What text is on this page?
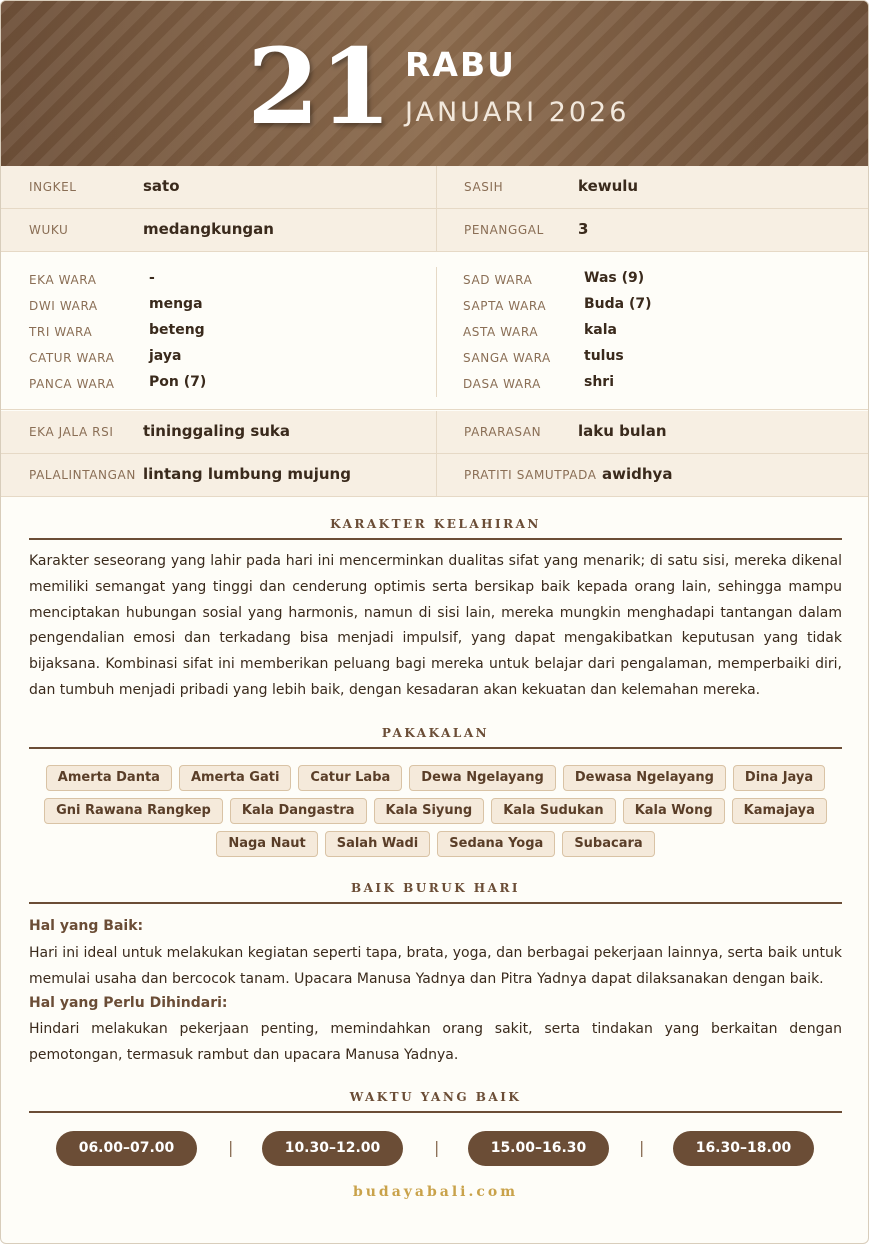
21 RABU
JANUARI 2026
INGKEL	sato	SASIH	kewulu
WUKU	medangkungan	PENANGGAL 3
EKA WARA	-
DWI WARA	menga
TRI WARA	beteng
CATUR WARA jaya
PANCA WARA Pon (7)
SAD WARA	Was (9)
SAPTA WARA	Buda (7)
ASTA WARA	kala
SANGA WARA tulus
DASA WARA	shri
EKA JALA RSI tininggaling suka	PARARASAN laku bulan
PALALINTANGAN lintang lumbung mujung	PRATITI SAMUTPADA awidhya
KARAKTER KELAHIRAN
Karakter seseorang yang lahir pada hari ini mencerminkan dualitas sifat yang menarik; di satu sisi, mereka dikenal memiliki semangat yang tinggi dan cenderung optimis serta bersikap baik kepada orang lain, sehingga mampu menciptakan hubungan sosial yang harmonis, namun di sisi lain, mereka mungkin menghadapi tantangan dalam pengendalian emosi dan terkadang bisa menjadi impulsif, yang dapat mengakibatkan keputusan yang tidak bijaksana. Kombinasi sifat ini memberikan peluang bagi mereka untuk belajar dari pengalaman, memperbaiki diri, dan tumbuh menjadi pribadi yang lebih baik, dengan kesadaran akan kekuatan dan kelemahan mereka.
PAKAKALAN
Amerta Danta	Amerta Gati	Catur Laba	Dewa Ngelayang	Dewasa Ngelayang	Dina Jaya
Gni Rawana Rangkep	Kala Dangastra	Kala Siyung	Kala Sudukan	Kala Wong	Kamajaya
Naga Naut	Salah Wadi	Sedana Yoga	Subacara
BAIK BURUK HARI
Hal yang Baik:
Hari ini ideal untuk melakukan kegiatan seperti tapa, brata, yoga, dan berbagai pekerjaan lainnya, serta baik untuk memulai usaha dan bercocok tanam. Upacara Manusa Yadnya dan Pitra Yadnya dapat dilaksanakan dengan baik.
Hal yang Perlu Dihindari:
Hindari melakukan pekerjaan penting, memindahkan orang sakit, serta tindakan yang berkaitan dengan pemotongan, termasuk rambut dan upacara Manusa Yadnya.
WAKTU YANG BAIK
06.00–07.00	|	10.30–12.00	|	15.00–16.30	|	16.30–18.00
budayabali.com
